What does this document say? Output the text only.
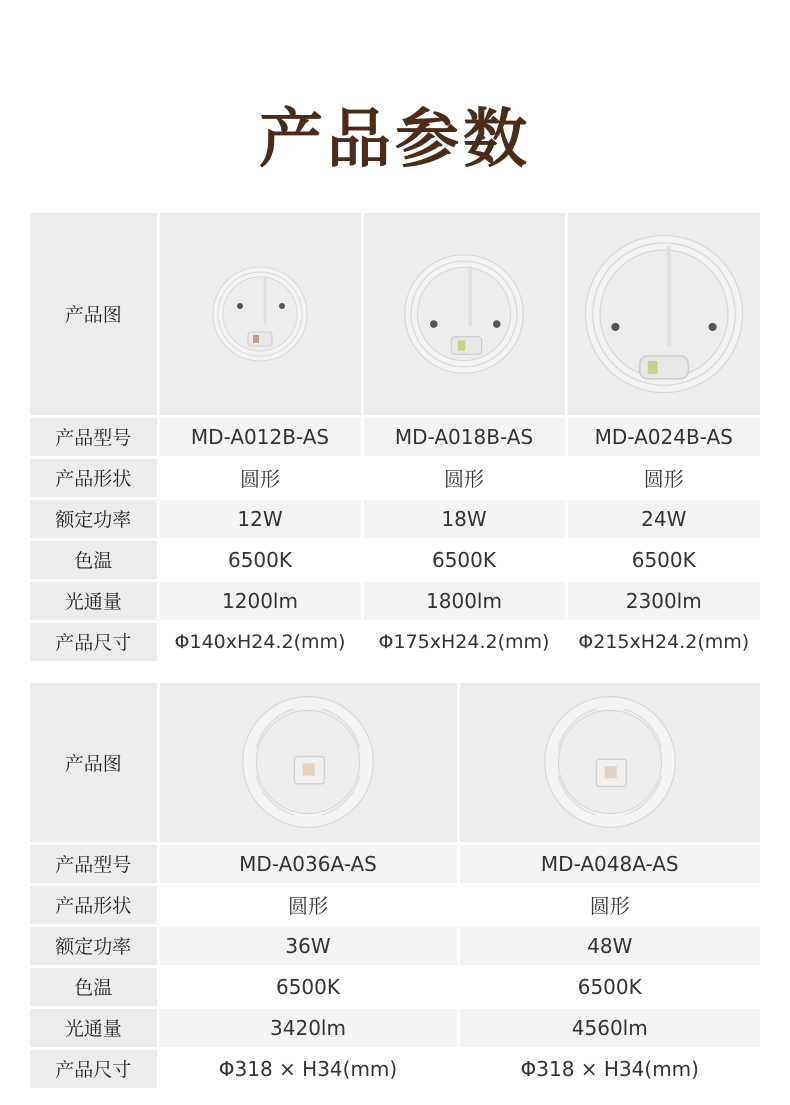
产品参数
产品图	

产品型号	MD-A012B-AS	MD-A018B-AS	MD-A024B-AS
产品形状	圆形	圆形	圆形
额定功率	12W	18W	24W
色温	6500K	6500K	6500K
光通量	1200lm	1800lm	2300lm
产品尺寸	Φ140xH24.2(mm)	Φ175xH24.2(mm)	Φ215xH24.2(mm)
产品图	

产品型号	MD-A036A-AS	MD-A048A-AS
产品形状	圆形	圆形
额定功率	36W	48W
色温	6500K	6500K
光通量	3420lm	4560lm
产品尺寸	Φ318 × H34(mm)	Φ318 × H34(mm)
